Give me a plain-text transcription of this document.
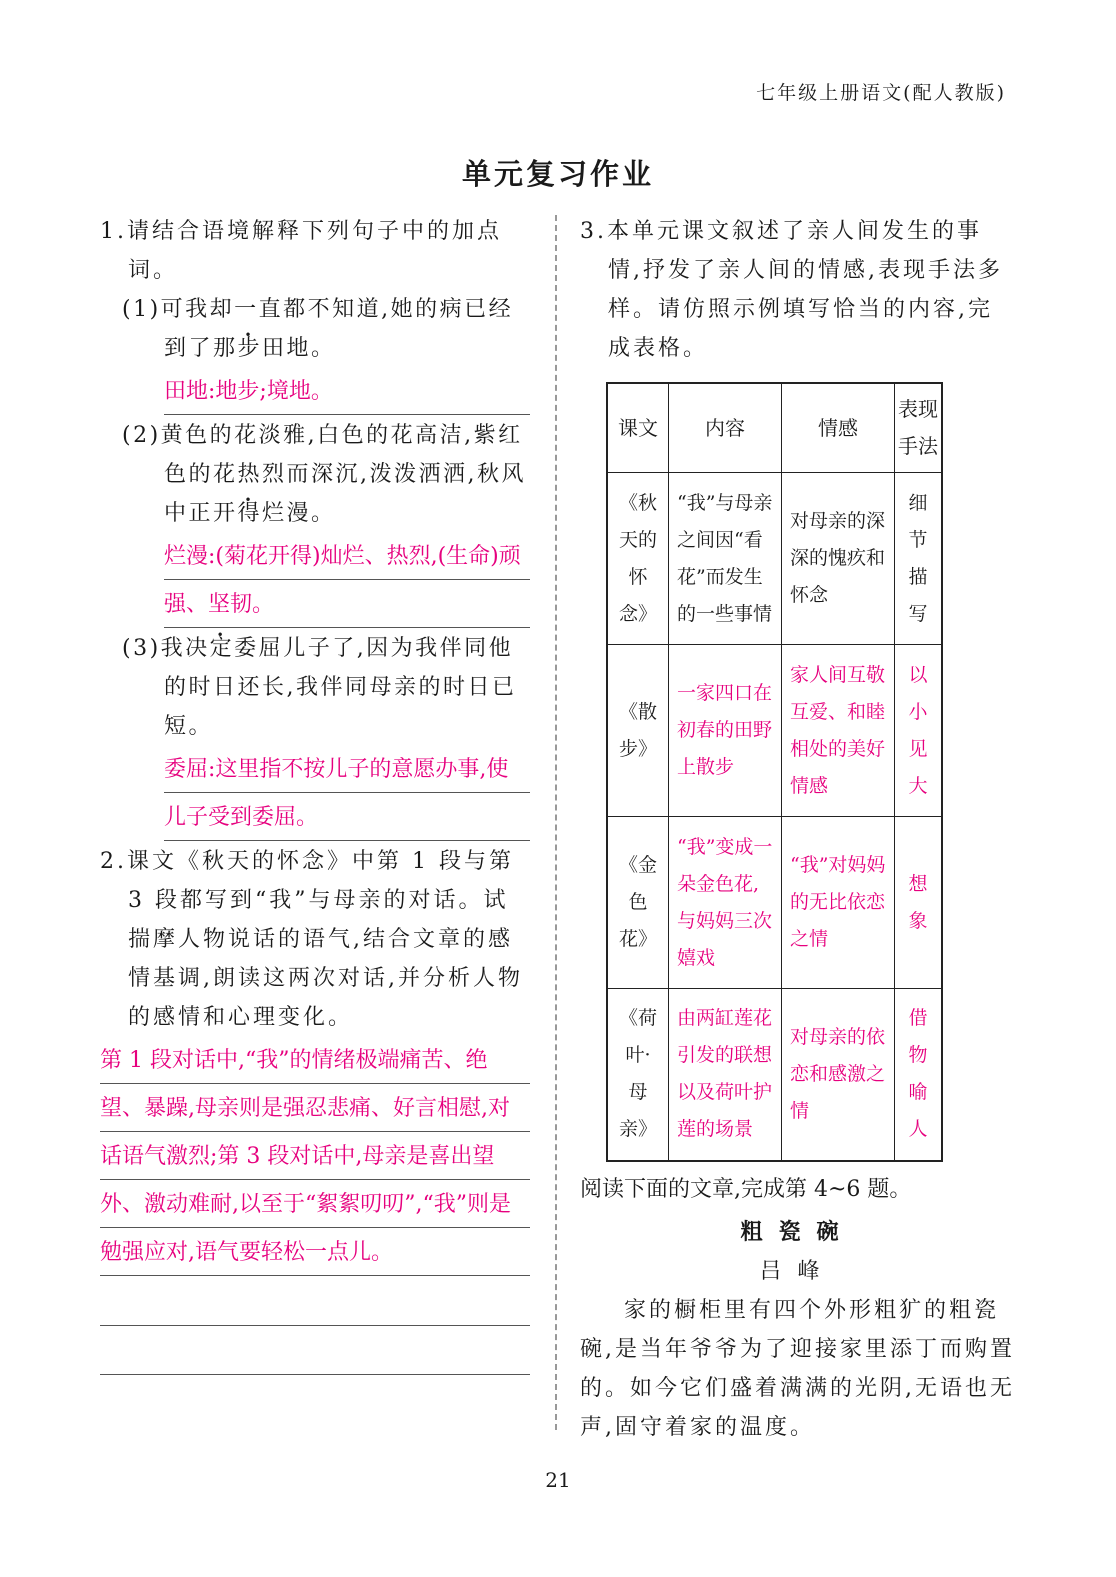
七年级上册语文(配人教版)
单元复习作业

1.请结合语境解释下列句子中的加点词。

(1)可我却一直都不知道,她的病已经到了那步田地。

田地:地步;境地。

(2)黄色的花淡雅,白色的花高洁,紫红色的花热烈而深沉,泼泼洒洒,秋风中正开得烂漫。

烂漫:(菊花开得)灿烂、热烈,(生命)顽强、坚韧。

(3)我决定委屈儿子了,因为我伴同他的时日还长,我伴同母亲的时日已短。

委屈:这里指不按儿子的意愿办事,使儿子受到委屈。

2.课文《秋天的怀念》中第 1 段与第 3 段都写到“我”与母亲的对话。试揣摩人物说话的语气,结合文章的感情基调,朗读这两次对话,并分析人物的感情和心理变化。

第 1 段对话中,“我”的情绪极端痛苦、绝望、暴躁,母亲则是强忍悲痛、好言相慰,对话语气激烈;第 3 段对话中,母亲是喜出望外、激动难耐,以至于“絮絮叨叨”,“我”则是勉强应对,语气要轻松一点儿。

3.本单元课文叙述了亲人间发生的事情,抒发了亲人间的情感,表现手法多样。请仿照示例填写恰当的内容,完成表格。

课文	内容	情感	表现手法
《秋天的怀念》	“我”与母亲之间因“看花”而发生的一些事情	对母亲的深深的愧疚和怀念	细节描写
《散步》	一家四口在初春的田野上散步	家人间互敬互爱、和睦相处的美好情感	以小见大
《金色花》	“我”变成一朵金色花,与妈妈三次嬉戏	“我”对妈妈的无比依恋之情	想象
《荷叶·母亲》	由两缸莲花引发的联想以及荷叶护莲的场景	对母亲的依恋和感激之情	借物喻人

阅读下面的文章,完成第 4~6 题。

粗瓷碗

吕峰

家的橱柜里有四个外形粗犷的粗瓷碗,是当年爷爷为了迎接家里添丁而购置的。如今它们盛着满满的光阴,无语也无声,固守着家的温度。

21
